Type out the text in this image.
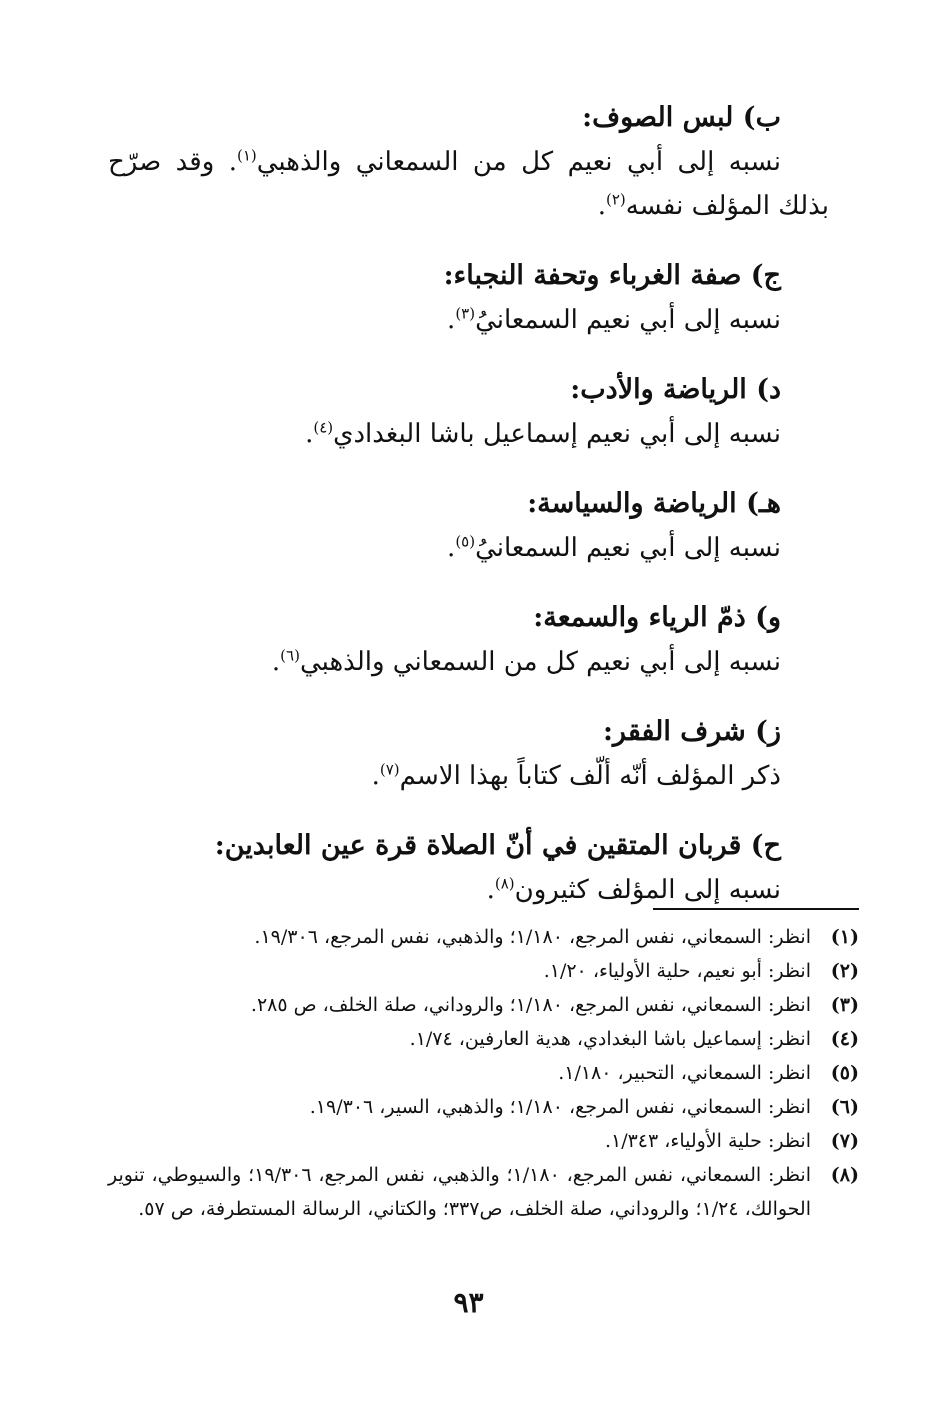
ب) لبس الصوف:

نسبه إلى أبي نعيم كل من السمعاني والذهبي$^{(١)}$. وقد صرّح بذلك المؤلف نفسه$^{(٢)}$.

ج) صفة الغرباء وتحفة النجباء:

نسبه إلى أبي نعيم السمعانيُ$^{(٣)}$.

د) الرياضة والأدب:

نسبه إلى أبي نعيم إسماعيل باشا البغدادي$^{(٤)}$.

هـ) الرياضة والسياسة:

نسبه إلى أبي نعيم السمعانيُ$^{(٥)}$.

و) ذمّ الرياء والسمعة:

نسبه إلى أبي نعيم كل من السمعاني والذهبي$^{(٦)}$.

ز) شرف الفقر:

ذكر المؤلف أنّه ألّف كتاباً بهذا الاسم$^{(٧)}$.

ح) قربان المتقين في أنّ الصلاة قرة عين العابدين:

نسبه إلى المؤلف كثيرون$^{(٨)}$.

(١)
انظر: السمعاني، نفس المرجع، ١/١٨٠؛ والذهبي، نفس المرجع، ١٩/٣٠٦.
(٢)
انظر: أبو نعيم، حلية الأولياء، ١/٢٠.
(٣)
انظر: السمعاني، نفس المرجع، ١/١٨٠؛ والروداني، صلة الخلف، ص ٢٨٥.
(٤)
انظر: إسماعيل باشا البغدادي، هدية العارفين، ١/٧٤.
(٥)
انظر: السمعاني، التحبير، ١/١٨٠.
(٦)
انظر: السمعاني، نفس المرجع، ١/١٨٠؛ والذهبي، السير، ١٩/٣٠٦.
(٧)
انظر: حلية الأولياء، ١/٣٤٣.
(٨)
انظر: السمعاني، نفس المرجع، ١/١٨٠؛ والذهبي، نفس المرجع، ١٩/٣٠٦؛ والسيوطي، تنوير الحوالك، ١/٢٤؛ والروداني، صلة الخلف، ص٣٣٧؛ والكتاني، الرسالة المستطرفة، ص ٥٧.
٩٣
